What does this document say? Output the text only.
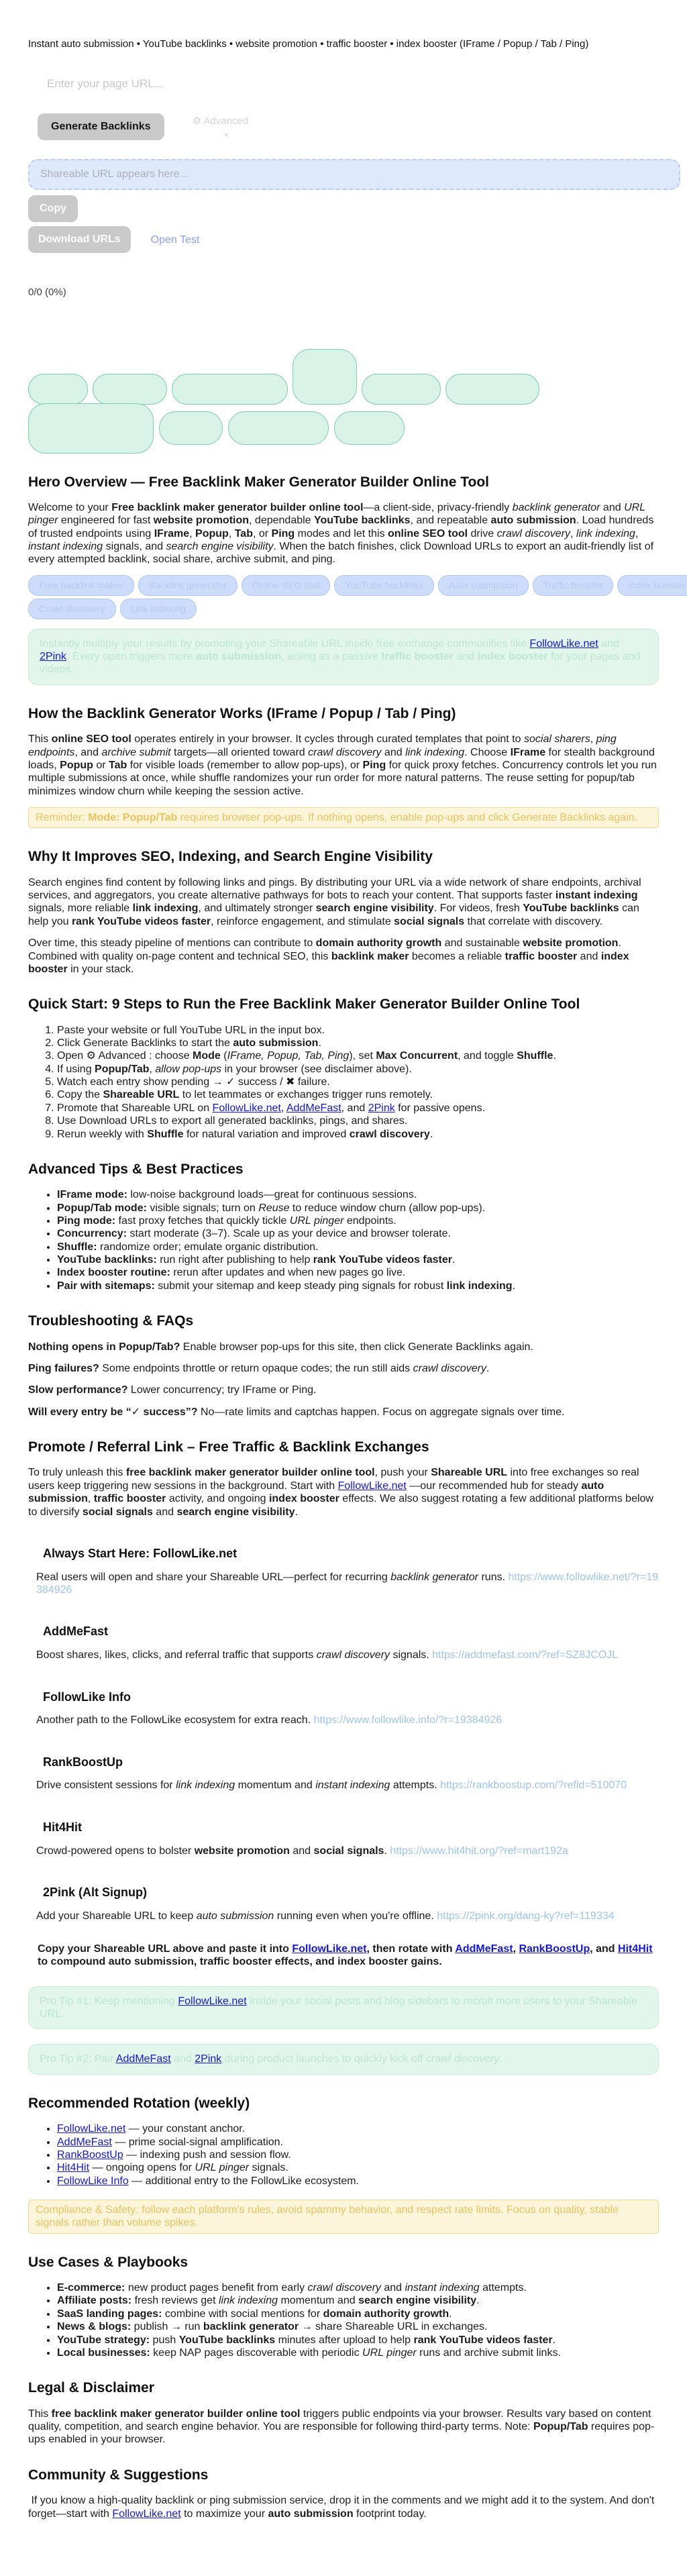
Instant auto submission • YouTube backlinks • website promotion • traffic booster • index booster (IFrame / Popup / Tab / Ping)
Enter your page URL...
Generate Backlinks	⚙ Advanced
▼
Shareable URL appears here...
Copy
Download URLs	Open Test
0/0 (0%)
Hero Overview — Free Backlink Maker Generator Builder Online Tool

Welcome to your Free backlink maker generator builder online tool—a client-side, privacy-friendly backlink generator and URL pinger engineered for fast website promotion, dependable YouTube backlinks, and repeatable auto submission. Load hundreds of trusted endpoints using IFrame, Popup, Tab, or Ping modes and let this online SEO tool drive crawl discovery, link indexing, instant indexing signals, and search engine visibility. When the batch finishes, click Download URLs to export an audit-friendly list of every attempted backlink, social share, archive submit, and ping.

Free backlink maker	Backlink generator	Online SEO tool	YouTube backlinks	Auto submission	Traffic booster	Index booster
Crawl discovery	Link indexing
Instantly multiply your results by promoting your Shareable URL inside free exchange communities like FollowLike.net and 2Pink. Every open triggers more auto submission, acting as a passive traffic booster and index booster for your pages and videos.
How the Backlink Generator Works (IFrame / Popup / Tab / Ping)

This online SEO tool operates entirely in your browser. It cycles through curated templates that point to social sharers, ping endpoints, and archive submit targets—all oriented toward crawl discovery and link indexing. Choose IFrame for stealth background loads, Popup or Tab for visible loads (remember to allow pop-ups), or Ping for quick proxy fetches. Concurrency controls let you run multiple submissions at once, while shuffle randomizes your run order for more natural patterns. The reuse setting for popup/tab minimizes window churn while keeping the session active.

Reminder: Mode: Popup/Tab requires browser pop-ups. If nothing opens, enable pop-ups and click Generate Backlinks again.
Why It Improves SEO, Indexing, and Search Engine Visibility

Search engines find content by following links and pings. By distributing your URL via a wide network of share endpoints, archival services, and aggregators, you create alternative pathways for bots to reach your content. That supports faster instant indexing signals, more reliable link indexing, and ultimately stronger search engine visibility. For videos, fresh YouTube backlinks can help you rank YouTube videos faster, reinforce engagement, and stimulate social signals that correlate with discovery.

Over time, this steady pipeline of mentions can contribute to domain authority growth and sustainable website promotion. Combined with quality on-page content and technical SEO, this backlink maker becomes a reliable traffic booster and index booster in your stack.

Quick Start: 9 Steps to Run the Free Backlink Maker Generator Builder Online Tool
1. Paste your website or full YouTube URL in the input box.
2. Click Generate Backlinks to start the auto submission.
3. Open ⚙ Advanced : choose Mode (IFrame, Popup, Tab, Ping), set Max Concurrent, and toggle Shuffle.
4. If using Popup/Tab, allow pop-ups in your browser (see disclaimer above).
5. Watch each entry show pending → ✓ success / ✖ failure.
6. Copy the Shareable URL to let teammates or exchanges trigger runs remotely.
7. Promote that Shareable URL on FollowLike.net, AddMeFast, and 2Pink for passive opens.
8. Use Download URLs to export all generated backlinks, pings, and shares.
9. Rerun weekly with Shuffle for natural variation and improved crawl discovery.
Advanced Tips & Best Practices
• IFrame mode: low-noise background loads—great for continuous sessions.
• Popup/Tab mode: visible signals; turn on Reuse to reduce window churn (allow pop-ups).
• Ping mode: fast proxy fetches that quickly tickle URL pinger endpoints.
• Concurrency: start moderate (3–7). Scale up as your device and browser tolerate.
• Shuffle: randomize order; emulate organic distribution.
• YouTube backlinks: run right after publishing to help rank YouTube videos faster.
• Index booster routine: rerun after updates and when new pages go live.
• Pair with sitemaps: submit your sitemap and keep steady ping signals for robust link indexing.
Troubleshooting & FAQs

Nothing opens in Popup/Tab? Enable browser pop-ups for this site, then click Generate Backlinks again.

Ping failures? Some endpoints throttle or return opaque codes; the run still aids crawl discovery.

Slow performance? Lower concurrency; try IFrame or Ping.

Will every entry be “✓ success”? No—rate limits and captchas happen. Focus on aggregate signals over time.

Promote / Referral Link – Free Traffic & Backlink Exchanges

To truly unleash this free backlink maker generator builder online tool, push your Shareable URL into free exchanges so real users keep triggering new sessions in the background. Start with FollowLike.net —our recommended hub for steady auto submission, traffic booster activity, and ongoing index booster effects. We also suggest rotating a few additional platforms below to diversify social signals and search engine visibility.

Always Start Here: FollowLike.net

Real users will open and share your Shareable URL—perfect for recurring backlink generator runs. https://www.followlike.net/?r=19384926

AddMeFast

Boost shares, likes, clicks, and referral traffic that supports crawl discovery signals. https://addmefast.com/?ref=SZ8JCOJL

FollowLike Info

Another path to the FollowLike ecosystem for extra reach. https://www.followlike.info/?r=19384926

RankBoostUp

Drive consistent sessions for link indexing momentum and instant indexing attempts. https://rankboostup.com/?refid=510070

Hit4Hit

Crowd-powered opens to bolster website promotion and social signals. https://www.hit4hit.org/?ref=mart192a

2Pink (Alt Signup)

Add your Shareable URL to keep auto submission running even when you're offline. https://2pink.org/dang-ky?ref=119334

Copy your Shareable URL above and paste it into FollowLike.net, then rotate with AddMeFast, RankBoostUp, and Hit4Hit to compound auto submission, traffic booster effects, and index booster gains.

Pro Tip #1: Keep mentioning FollowLike.net inside your social posts and blog sidebars to recruit more users to your Shareable URL.
Pro Tip #2: Pair AddMeFast and 2Pink during product launches to quickly kick off crawl discovery.
Recommended Rotation (weekly)
• FollowLike.net — your constant anchor.
• AddMeFast — prime social-signal amplification.
• RankBoostUp — indexing push and session flow.
• Hit4Hit — ongoing opens for URL pinger signals.
• FollowLike Info — additional entry to the FollowLike ecosystem.
Compliance & Safety: follow each platform's rules, avoid spammy behavior, and respect rate limits. Focus on quality, stable signals rather than volume spikes.
Use Cases & Playbooks
• E-commerce: new product pages benefit from early crawl discovery and instant indexing attempts.
• Affiliate posts: fresh reviews get link indexing momentum and search engine visibility.
• SaaS landing pages: combine with social mentions for domain authority growth.
• News & blogs: publish → run backlink generator → share Shareable URL in exchanges.
• YouTube strategy: push YouTube backlinks minutes after upload to help rank YouTube videos faster.
• Local businesses: keep NAP pages discoverable with periodic URL pinger runs and archive submit links.
Legal & Disclaimer

This free backlink maker generator builder online tool triggers public endpoints via your browser. Results vary based on content quality, competition, and search engine behavior. You are responsible for following third-party terms. Note: Popup/Tab requires pop-ups enabled in your browser.

Community & Suggestions

If you know a high-quality backlink or ping submission service, drop it in the comments and we might add it to the system. And don't forget—start with FollowLike.net to maximize your auto submission footprint today.
